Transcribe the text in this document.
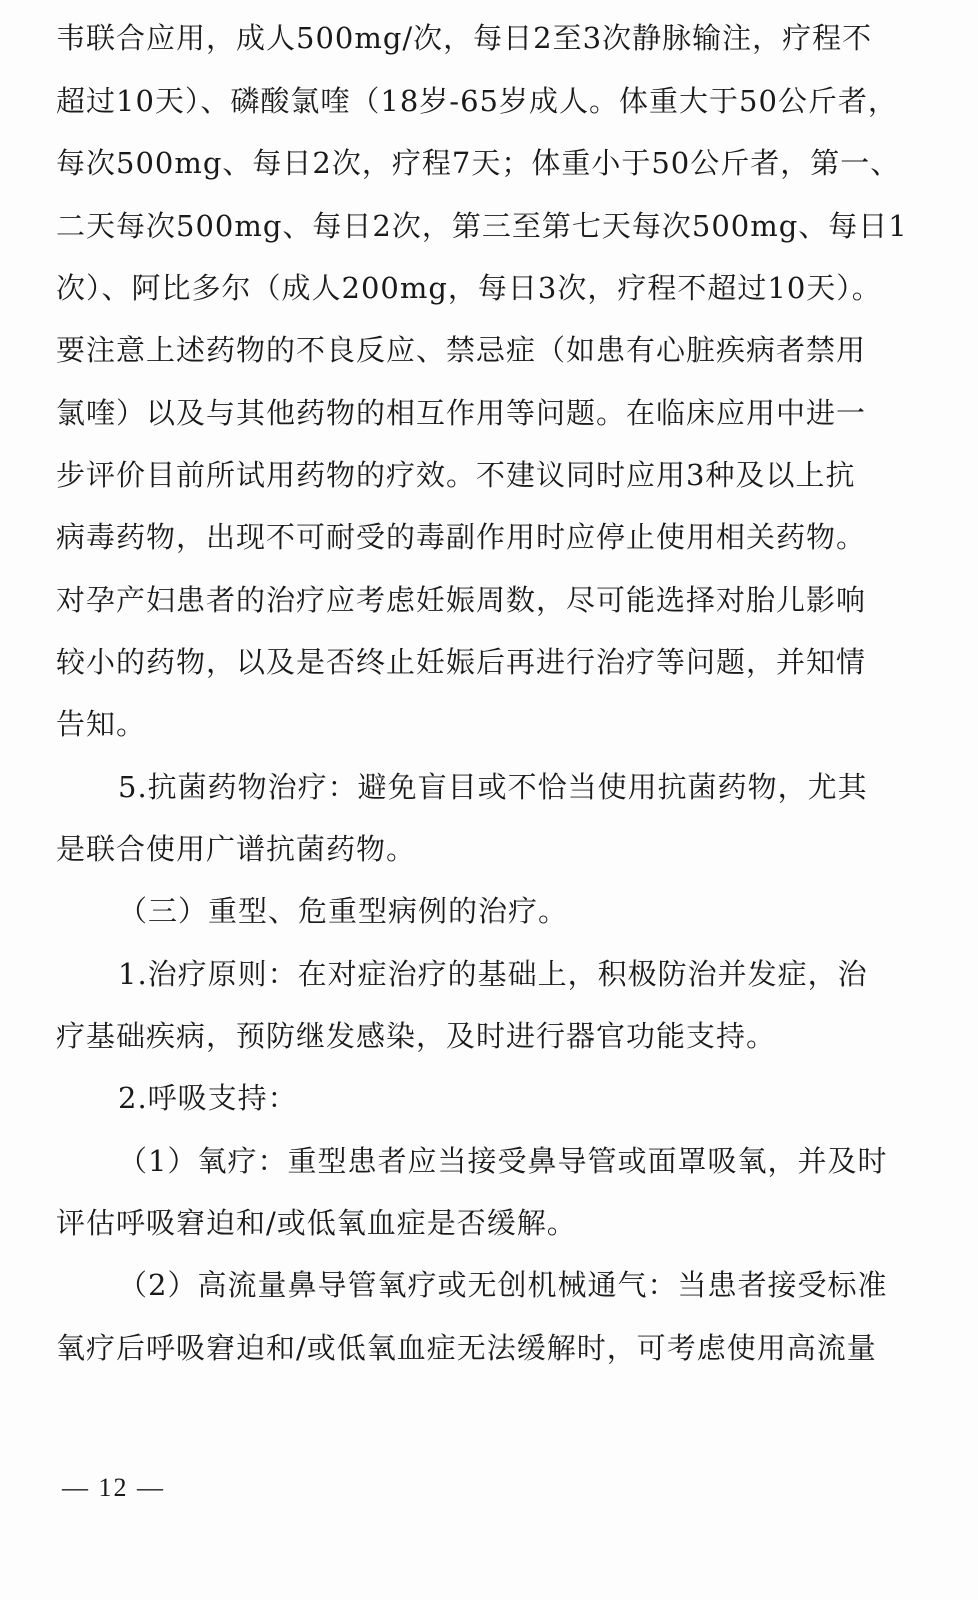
韦联合应用，成人500mg/次，每日2至3次静脉输注，疗程不
超过10天）、磷酸氯喹（18岁-65岁成人。体重大于50公斤者，
每次500mg、每日2次，疗程7天；体重小于50公斤者，第一、
二天每次500mg、每日2次，第三至第七天每次500mg、每日1
次）、阿比多尔（成人200mg，每日3次，疗程不超过10天）。
要注意上述药物的不良反应、禁忌症（如患有心脏疾病者禁用
氯喹）以及与其他药物的相互作用等问题。在临床应用中进一
步评价目前所试用药物的疗效。不建议同时应用3种及以上抗
病毒药物，出现不可耐受的毒副作用时应停止使用相关药物。
对孕产妇患者的治疗应考虑妊娠周数，尽可能选择对胎儿影响
较小的药物，以及是否终止妊娠后再进行治疗等问题，并知情
告知。
5.抗菌药物治疗：避免盲目或不恰当使用抗菌药物，尤其
是联合使用广谱抗菌药物。
（三）重型、危重型病例的治疗。
1.治疗原则：在对症治疗的基础上，积极防治并发症，治
疗基础疾病，预防继发感染，及时进行器官功能支持。
2.呼吸支持：
（1）氧疗：重型患者应当接受鼻导管或面罩吸氧，并及时
评估呼吸窘迫和/或低氧血症是否缓解。
（2）高流量鼻导管氧疗或无创机械通气：当患者接受标准
氧疗后呼吸窘迫和/或低氧血症无法缓解时，可考虑使用高流量
— 12 —
